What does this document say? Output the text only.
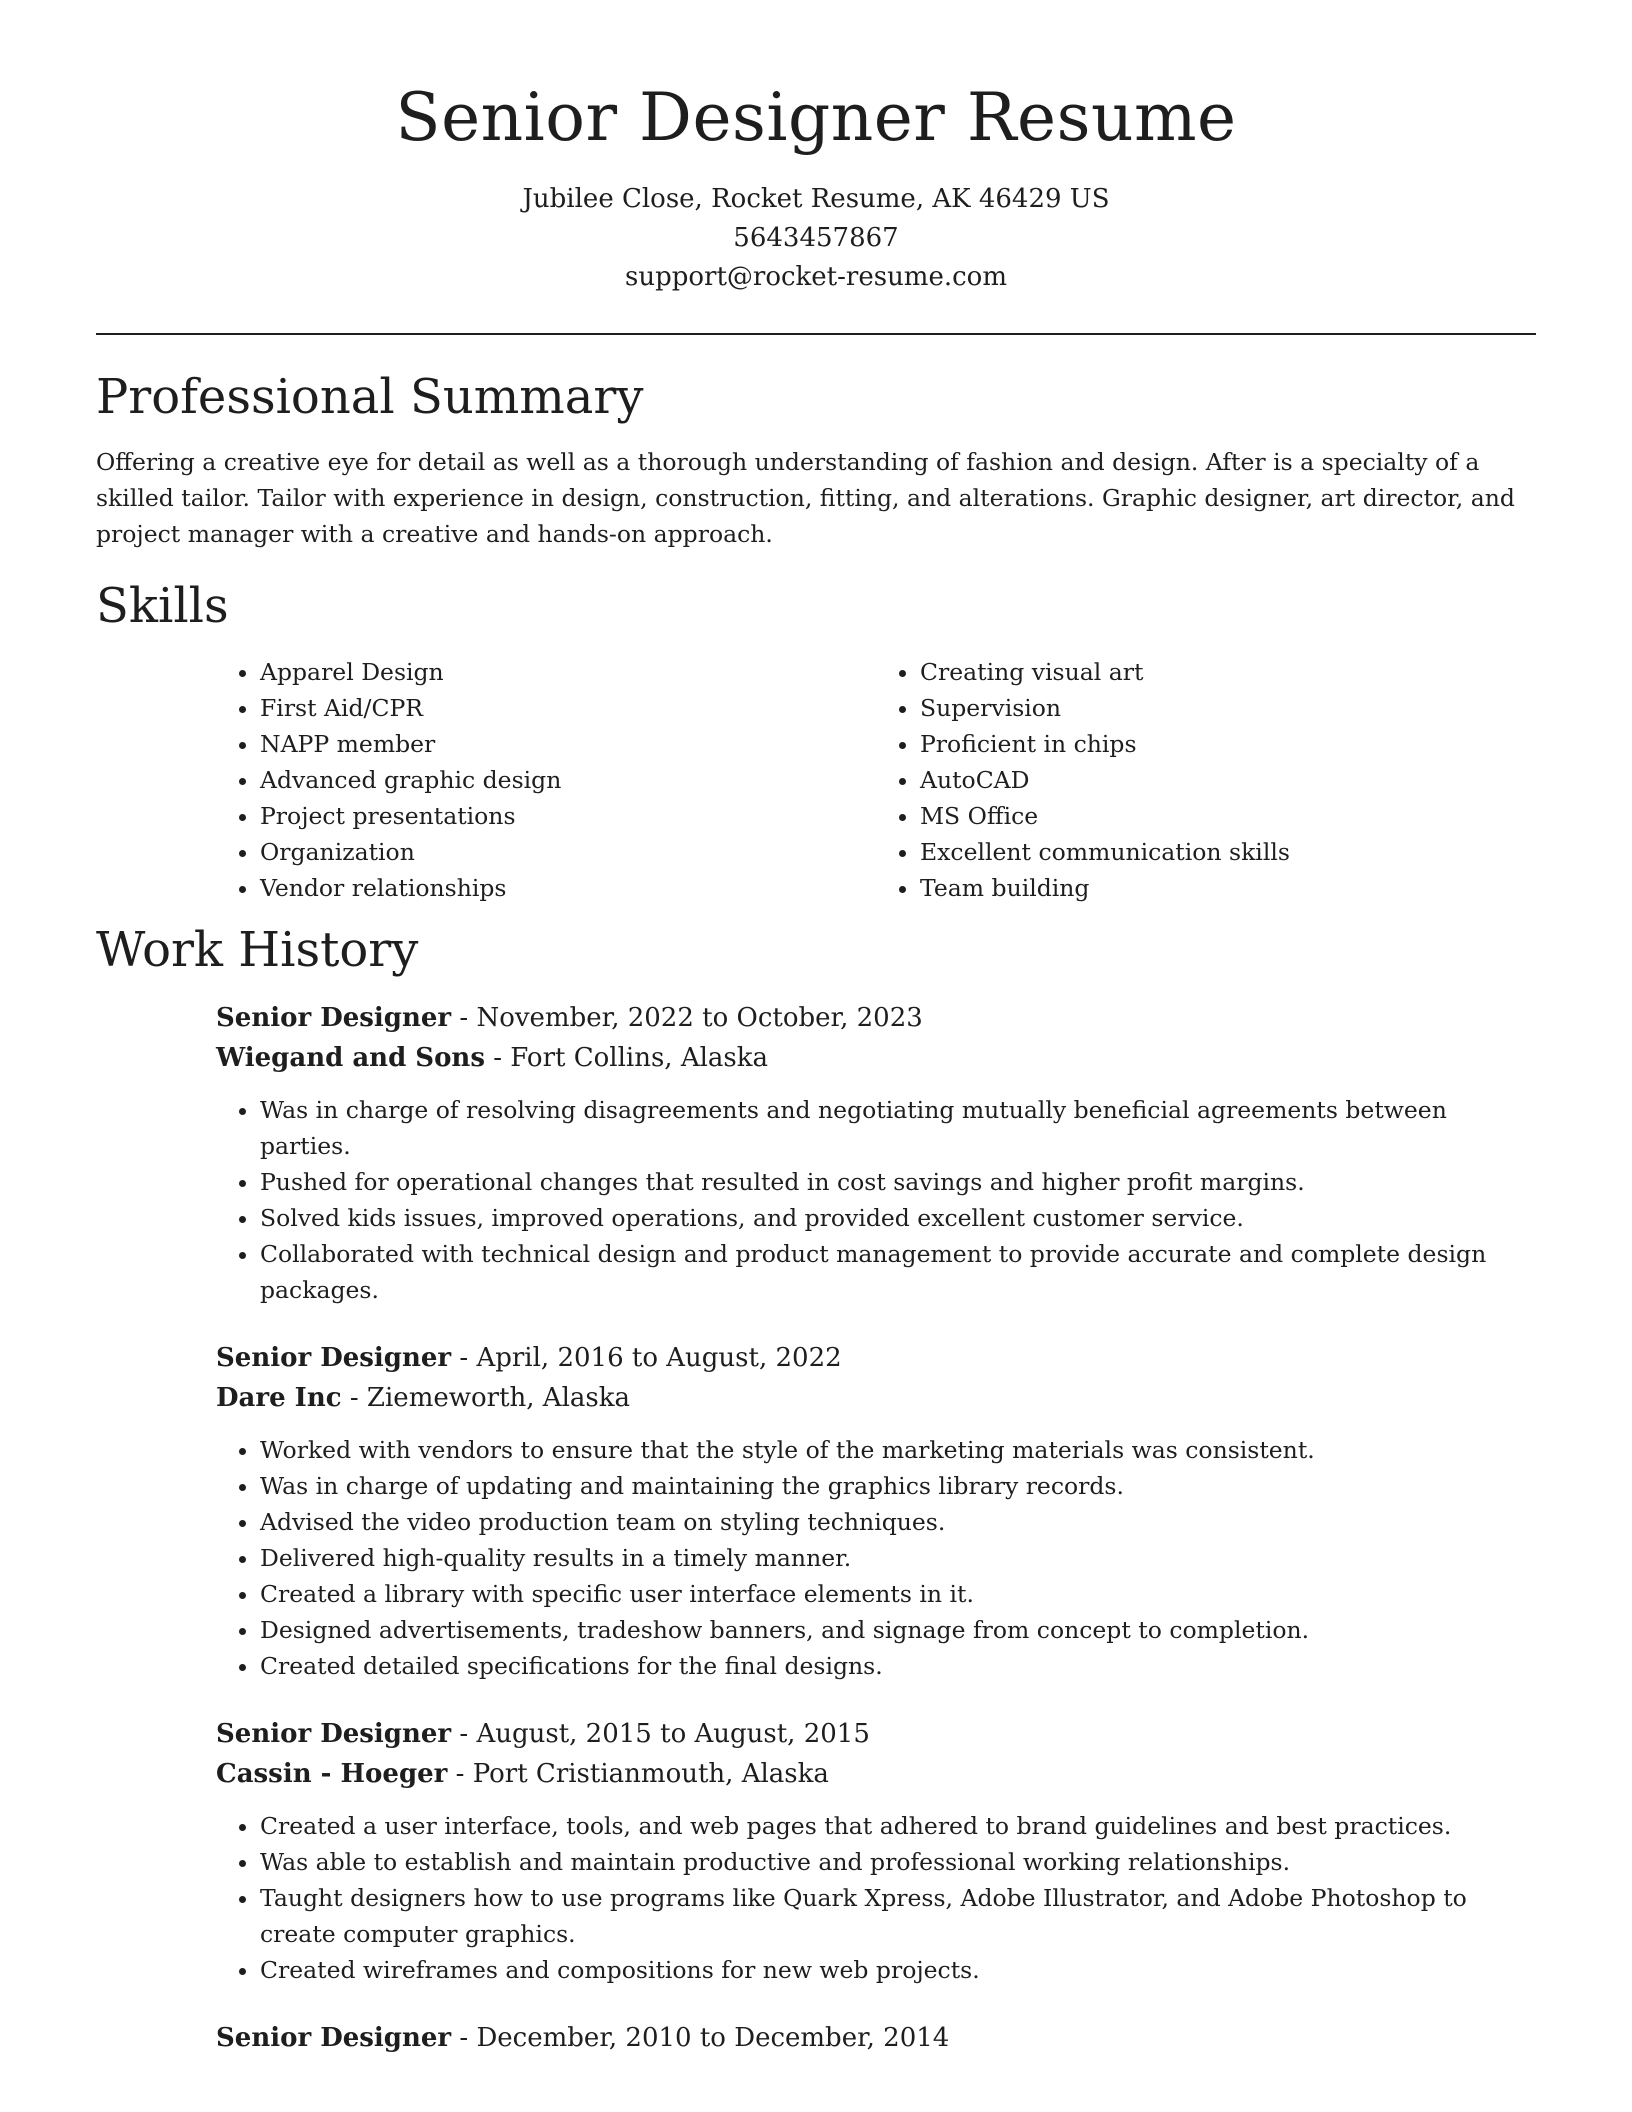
Senior Designer Resume
Jubilee Close, Rocket Resume, AK 46429 US
5643457867
support@rocket-resume.com
Professional Summary

Offering a creative eye for detail as well as a thorough understanding of fashion and design. After is a specialty of a skilled tailor. Tailor with experience in design, construction, fitting, and alterations. Graphic designer, art director, and project manager with a creative and hands-on approach.

Skills
• Apparel Design
• First Aid/CPR
• NAPP member
• Advanced graphic design
• Project presentations
• Organization
• Vendor relationships
• Creating visual art
• Supervision
• Proficient in chips
• AutoCAD
• MS Office
• Excellent communication skills
• Team building
Work History
Senior Designer - November, 2022 to October, 2023
Wiegand and Sons - Fort Collins, Alaska
• Was in charge of resolving disagreements and negotiating mutually beneficial agreements between parties.
• Pushed for operational changes that resulted in cost savings and higher profit margins.
• Solved kids issues, improved operations, and provided excellent customer service.
• Collaborated with technical design and product management to provide accurate and complete design packages.
Senior Designer - April, 2016 to August, 2022
Dare Inc - Ziemeworth, Alaska
• Worked with vendors to ensure that the style of the marketing materials was consistent.
• Was in charge of updating and maintaining the graphics library records.
• Advised the video production team on styling techniques.
• Delivered high-quality results in a timely manner.
• Created a library with specific user interface elements in it.
• Designed advertisements, tradeshow banners, and signage from concept to completion.
• Created detailed specifications for the final designs.
Senior Designer - August, 2015 to August, 2015
Cassin - Hoeger - Port Cristianmouth, Alaska
• Created a user interface, tools, and web pages that adhered to brand guidelines and best practices.
• Was able to establish and maintain productive and professional working relationships.
• Taught designers how to use programs like Quark Xpress, Adobe Illustrator, and Adobe Photoshop to create computer graphics.
• Created wireframes and compositions for new web projects.
Senior Designer - December, 2010 to December, 2014
